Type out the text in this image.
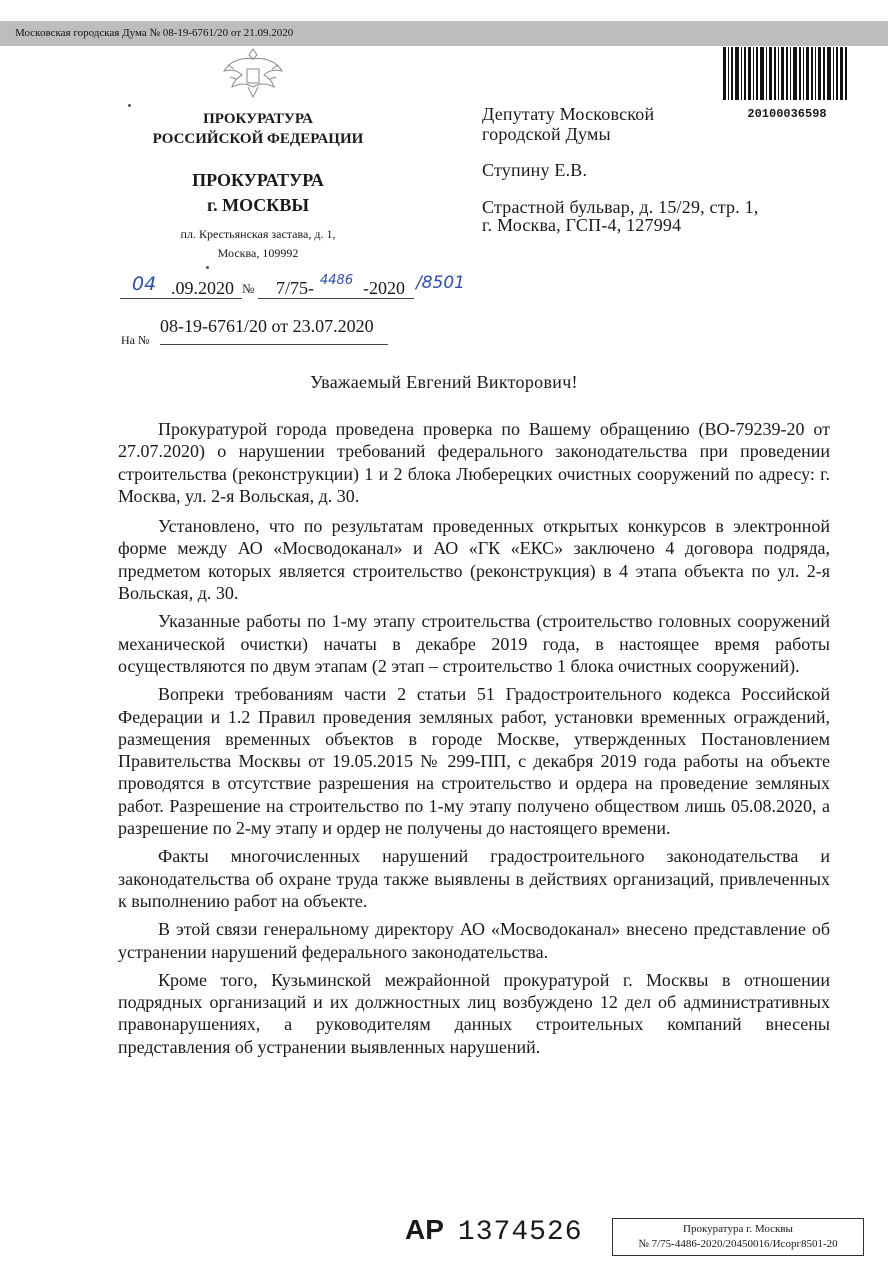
Московская городская Дума № 08-19-6761/20 от 21.09.2020
ПРОКУРАТУРА
РОССИЙСКОЙ ФЕДЕРАЦИИ
ПРОКУРАТУРА
г. МОСКВЫ
пл. Крестьянская застава, д. 1,
Москва, 109992
20100036598
Депутату Московской
городской Думы
Ступину Е.В.
Страстной бульвар, д. 15/29, стр. 1,
г. Москва, ГСП-4, 127994
04 .09.2020 № 7/75- 4486 -2020 /8501
На №
08-19-6761/20 от 23.07.2020
Уважаемый Евгений Викторович!

Прокуратурой города проведена проверка по Вашему обращению (ВО-79239-20 от 27.07.2020) о нарушении требований федерального законодательства при проведении строительства (реконструкции) 1 и 2 блока Люберецких очистных сооружений по адресу: г. Москва, ул. 2-я Вольская, д. 30.

Установлено, что по результатам проведенных открытых конкурсов в электронной форме между АО «Мосводоканал» и АО «ГК «ЕКС» заключено 4 договора подряда, предметом которых является строительство (реконструкция) в 4 этапа объекта по ул. 2-я Вольская, д. 30.

Указанные работы по 1-му этапу строительства (строительство головных сооружений механической очистки) начаты в декабре 2019 года, в настоящее время работы осуществляются по двум этапам (2 этап – строительство 1 блока очистных сооружений).

Вопреки требованиям части 2 статьи 51 Градостроительного кодекса Российской Федерации и 1.2 Правил проведения земляных работ, установки временных ограждений, размещения временных объектов в городе Москве, утвержденных Постановлением Правительства Москвы от 19.05.2015 № 299-ПП, с декабря 2019 года работы на объекте проводятся в отсутствие разрешения на строительство и ордера на проведение земляных работ. Разрешение на строительство по 1-му этапу получено обществом лишь 05.08.2020, а разрешение по 2-му этапу и ордер не получены до настоящего времени.

Факты многочисленных нарушений градостроительного законодательства и законодательства об охране труда также выявлены в действиях организаций, привлеченных к выполнению работ на объекте.

В этой связи генеральному директору АО «Мосводоканал» внесено представление об устранении нарушений федерального законодательства.

Кроме того, Кузьминской межрайонной прокуратурой г. Москвы в отношении подрядных организаций и их должностных лиц возбуждено 12 дел об административных правонарушениях, а руководителям данных строительных компаний внесены представления об устранении выявленных нарушений.

АР 1374526	Прокуратура г. Москвы
№ 7/75-4486-2020/20450016/Исорг8501-20
